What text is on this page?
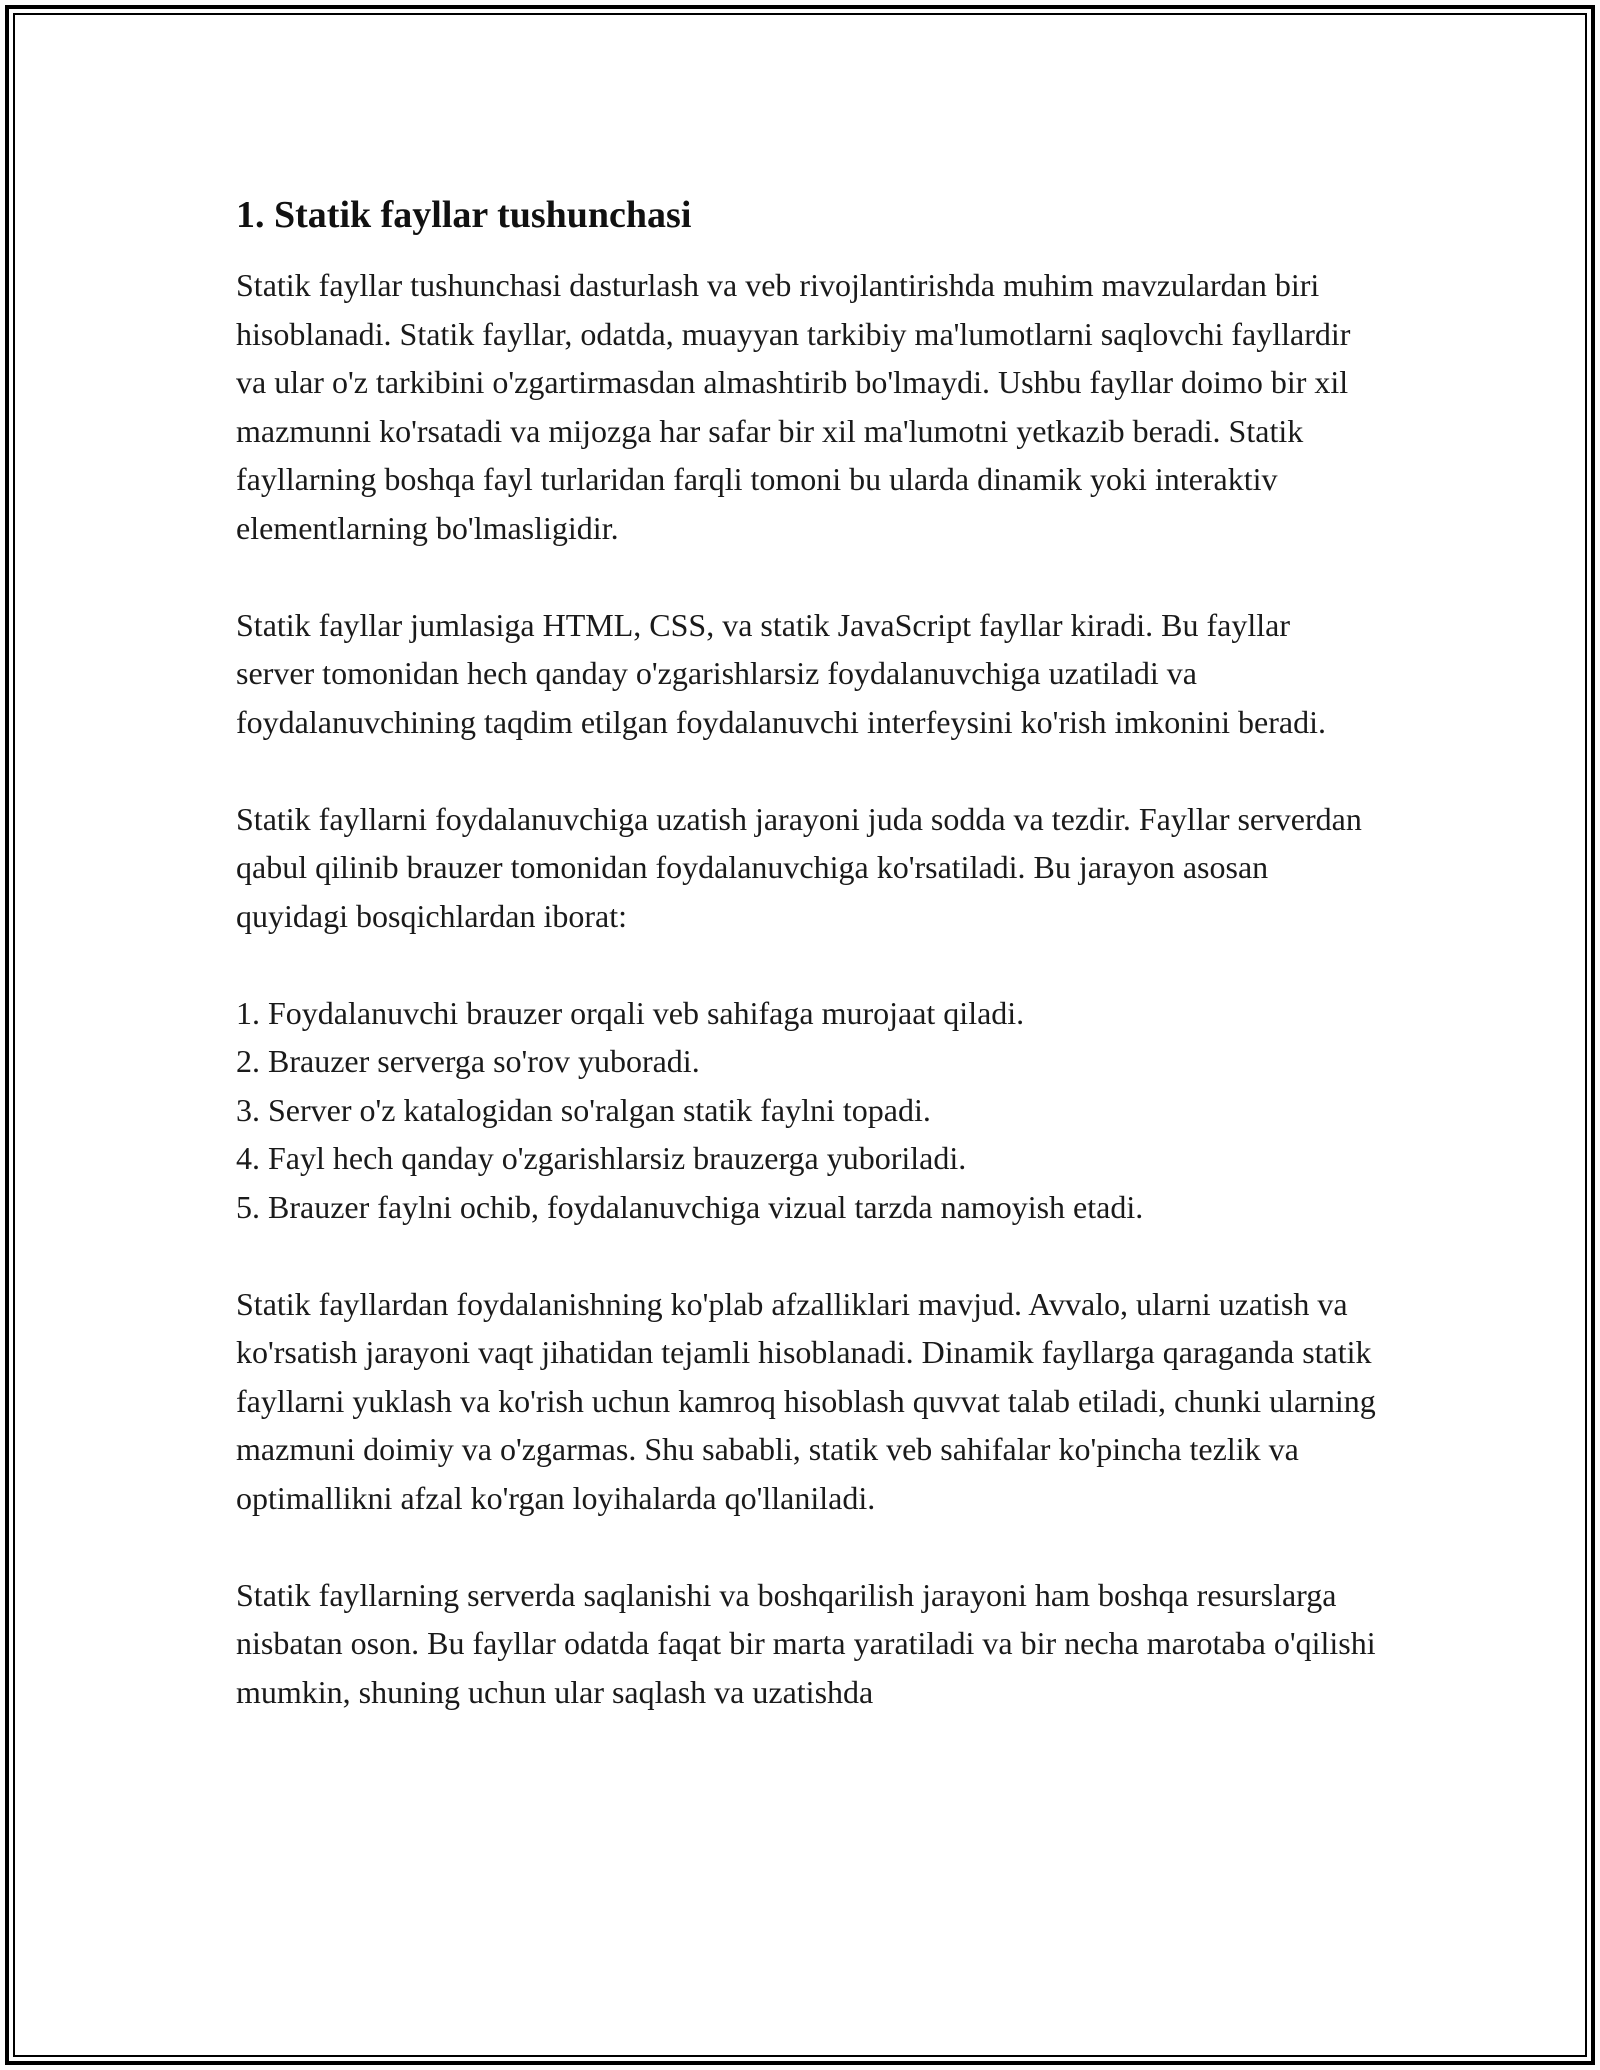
1. Statik fayllar tushunchasi

Statik fayllar tushunchasi dasturlash va veb rivojlantirishda muhim mavzulardan biri hisoblanadi. Statik fayllar, odatda, muayyan tarkibiy ma'lumotlarni saqlovchi fayllardir va ular o'z tarkibini o'zgartirmasdan almashtirib bo'lmaydi. Ushbu fayllar doimo bir xil mazmunni ko'rsatadi va mijozga har safar bir xil ma'lumotni yetkazib beradi. Statik fayllarning boshqa fayl turlaridan farqli tomoni bu ularda dinamik yoki interaktiv elementlarning bo'lmasligidir.

Statik fayllar jumlasiga HTML, CSS, va statik JavaScript fayllar kiradi. Bu fayllar server tomonidan hech qanday o'zgarishlarsiz foydalanuvchiga uzatiladi va foydalanuvchining taqdim etilgan foydalanuvchi interfeysini ko'rish imkonini beradi.

Statik fayllarni foydalanuvchiga uzatish jarayoni juda sodda va tezdir. Fayllar serverdan qabul qilinib brauzer tomonidan foydalanuvchiga ko'rsatiladi. Bu jarayon asosan quyidagi bosqichlardan iborat:

1. Foydalanuvchi brauzer orqali veb sahifaga murojaat qiladi.
2. Brauzer serverga so'rov yuboradi.
3. Server o'z katalogidan so'ralgan statik faylni topadi.
4. Fayl hech qanday o'zgarishlarsiz brauzerga yuboriladi.
5. Brauzer faylni ochib, foydalanuvchiga vizual tarzda namoyish etadi.

Statik fayllardan foydalanishning ko'plab afzalliklari mavjud. Avvalo, ularni uzatish va ko'rsatish jarayoni vaqt jihatidan tejamli hisoblanadi. Dinamik fayllarga qaraganda statik fayllarni yuklash va ko'rish uchun kamroq hisoblash quvvat talab etiladi, chunki ularning mazmuni doimiy va o'zgarmas. Shu sababli, statik veb sahifalar ko'pincha tezlik va optimallikni afzal ko'rgan loyihalarda qo'llaniladi.

Statik fayllarning serverda saqlanishi va boshqarilish jarayoni ham boshqa resurslarga nisbatan oson. Bu fayllar odatda faqat bir marta yaratiladi va bir necha marotaba o'qilishi mumkin, shuning uchun ular saqlash va uzatishda
